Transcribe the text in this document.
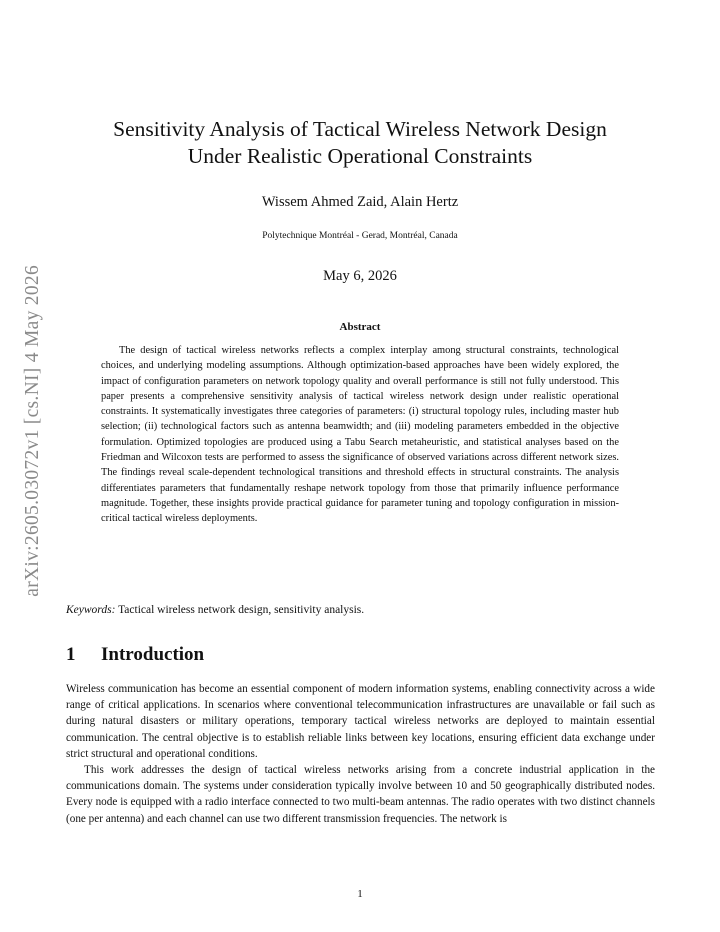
arXiv:2605.03072v1 [cs.NI] 4 May 2026
Sensitivity Analysis of Tactical Wireless Network Design
Under Realistic Operational Constraints
Wissem Ahmed Zaid, Alain Hertz
Polytechnique Montréal - Gerad, Montréal, Canada
May 6, 2026
Abstract
The design of tactical wireless networks reflects a complex interplay among structural constraints, technological choices, and underlying modeling assumptions. Although optimization-based approaches have been widely explored, the impact of configuration parameters on network topology quality and overall performance is still not fully understood. This paper presents a comprehensive sensitivity analysis of tactical wireless network design under realistic operational constraints. It systematically investigates three categories of parameters: (i) structural topology rules, including master hub selection; (ii) technological factors such as antenna beamwidth; and (iii) modeling parameters embedded in the objective formulation. Optimized topologies are produced using a Tabu Search metaheuristic, and statistical analyses based on the Friedman and Wilcoxon tests are performed to assess the significance of observed variations across different network sizes. The findings reveal scale-dependent technological transitions and threshold effects in structural constraints. The analysis differentiates parameters that fundamentally reshape network topology from those that primarily influence performance magnitude. Together, these insights provide practical guidance for parameter tuning and topology configuration in mission-critical tactical wireless deployments.
Keywords: Tactical wireless network design, sensitivity analysis.
1 Introduction

Wireless communication has become an essential component of modern information systems, enabling connectivity across a wide range of critical applications. In scenarios where conventional telecommunication infrastructures are unavailable or fail such as during natural disasters or military operations, temporary tactical wireless networks are deployed to maintain essential communication. The central objective is to establish reliable links between key locations, ensuring efficient data exchange under strict structural and operational conditions.

This work addresses the design of tactical wireless networks arising from a concrete industrial application in the communications domain. The systems under consideration typically involve between 10 and 50 geographically distributed nodes. Every node is equipped with a radio interface connected to two multi-beam antennas. The radio operates with two distinct channels (one per antenna) and each channel can use two different transmission frequencies. The network is

1
